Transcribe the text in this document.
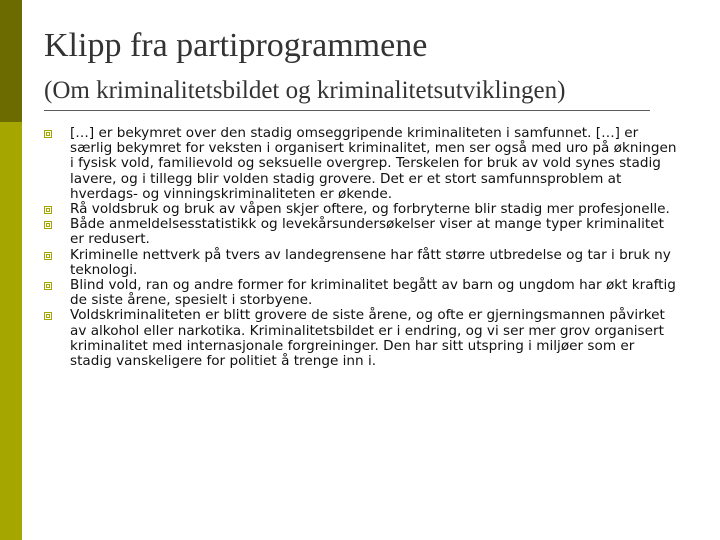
Klipp fra partiprogrammene
(Om kriminalitetsbildet og kriminalitetsutviklingen)
[…] er bekymret over den stadig omseggripende kriminaliteten i samfunnet. […] er særlig bekymret for veksten i organisert kriminalitet, men ser også med uro på økningen i fysisk vold, familievold og seksuelle overgrep. Terskelen for bruk av vold synes stadig lavere, og i tillegg blir volden stadig grovere. Det er et stort samfunnsproblem at hverdags- og vinningskriminaliteten er økende.
Rå voldsbruk og bruk av våpen skjer oftere, og forbryterne blir stadig mer profesjonelle.
Både anmeldelsesstatistikk og levekårsundersøkelser viser at mange typer kriminalitet er redusert.
Kriminelle nettverk på tvers av landegrensene har fått større utbredelse og tar i bruk ny teknologi.
Blind vold, ran og andre former for kriminalitet begått av barn og ungdom har økt kraftig de siste årene, spesielt i storbyene.
Voldskriminaliteten er blitt grovere de siste årene, og ofte er gjerningsmannen påvirket av alkohol eller narkotika. Kriminalitetsbildet er i endring, og vi ser mer grov organisert kriminalitet med internasjonale forgreininger. Den har sitt utspring i miljøer som er stadig vanskeligere for politiet å trenge inn i.
